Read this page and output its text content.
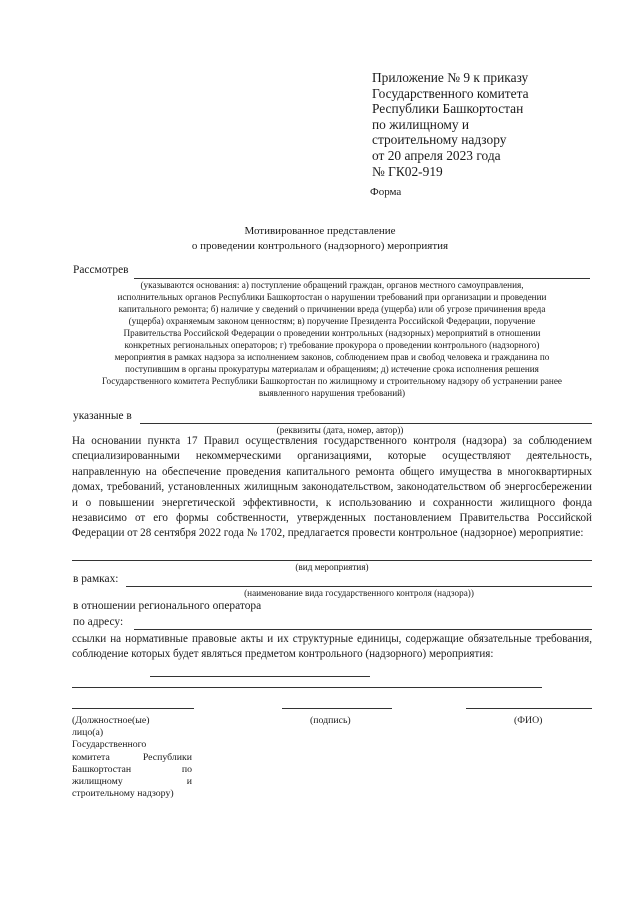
Приложение № 9 к приказу
Государственного комитета
Республики Башкортостан
по жилищному и
строительному надзору
от 20 апреля 2023 года
№ ГК02-919
Форма
Мотивированное представление
о проведении контрольного (надзорного) мероприятия
Рассмотрев
(указываются основания: а) поступление обращений граждан, органов местного самоуправления,
исполнительных органов Республики Башкортостан о нарушении требований при организации и проведении
капитального ремонта; б) наличие у сведений о причинении вреда (ущерба) или об угрозе причинения вреда
(ущерба) охраняемым законом ценностям; в) поручение Президента Российской Федерации, поручение
Правительства Российской Федерации о проведении контрольных (надзорных) мероприятий в отношении
конкретных региональных операторов; г) требование прокурора о проведении контрольного (надзорного)
мероприятия в рамках надзора за исполнением законов, соблюдением прав и свобод человека и гражданина по
поступившим в органы прокуратуры материалам и обращениям; д) истечение срока исполнения решения
Государственного комитета Республики Башкортостан по жилищному и строительному надзору об устранении ранее
выявленного нарушения требований)
указанные в
(реквизиты (дата, номер, автор))
На основании пункта 17 Правил осуществления государственного контроля (надзора) за соблюдением специализированными некоммерческими организациями, которые осуществляют деятельность, направленную на обеспечение проведения капитального ремонта общего имущества в многоквартирных домах, требований, установленных жилищным законодательством, законодательством об энергосбережении и о повышении энергетической эффективности, к использованию и сохранности жилищного фонда независимо от его формы собственности, утвержденных постановлением Правительства Российской Федерации от 28 сентября 2022 года № 1702, предлагается провести контрольное (надзорное) мероприятие:
(вид мероприятия)
в рамках:
(наименование вида государственного контроля (надзора))
в отношении регионального оператора
по адресу:
ссылки на нормативные правовые акты и их структурные единицы, содержащие обязательные требования, соблюдение которых будет являться предметом контрольного (надзорного) мероприятия:
(Должностное(ые)
лицо(а)
Государственного
комитета Республики
Башкортостан по
жилищному и
строительному надзору)
(подпись)	(ФИО)
